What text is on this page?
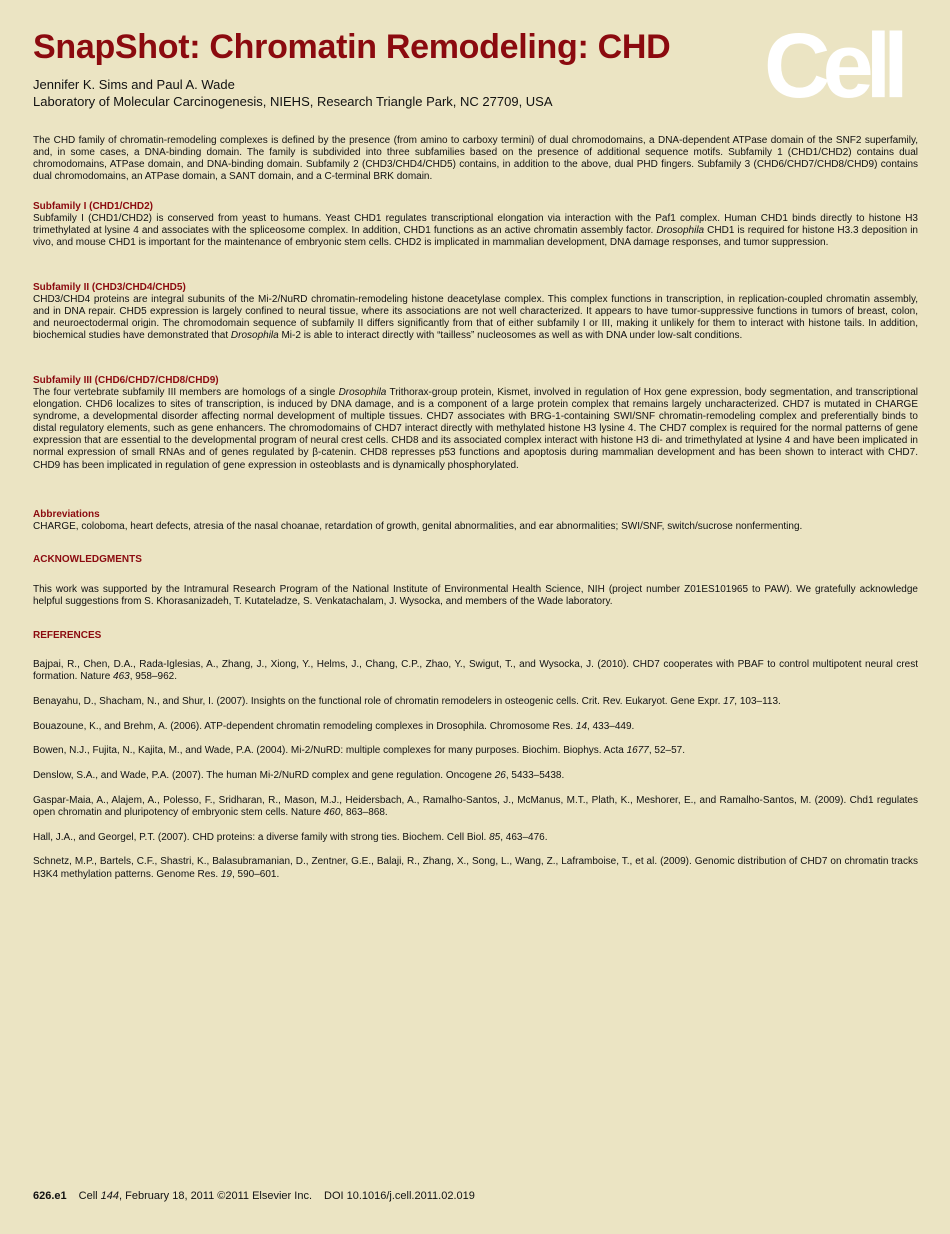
SnapShot: Chromatin Remodeling: CHD Cell
Jennifer K. Sims and Paul A. Wade
Laboratory of Molecular Carcinogenesis, NIEHS, Research Triangle Park, NC 27709, USA

The CHD family of chromatin-remodeling complexes is defined by the presence (from amino to carboxy termini) of dual chromodomains, a DNA-dependent ATPase domain of the SNF2 superfamily, and, in some cases, a DNA-binding domain. The family is subdivided into three subfamilies based on the presence of additional sequence motifs. Subfamily 1 (CHD1/CHD2) contains dual chromodomains, ATPase domain, and DNA-binding domain. Subfamily 2 (CHD3/CHD4/CHD5) contains, in addition to the above, dual PHD fingers. Subfamily 3 (CHD6/CHD7/CHD8/CHD9) contains dual chromodomains, an ATPase domain, a SANT domain, and a C-terminal BRK domain.

Subfamily I (CHD1/CHD2)

Subfamily I (CHD1/CHD2) is conserved from yeast to humans. Yeast CHD1 regulates transcriptional elongation via interaction with the Paf1 complex. Human CHD1 binds directly to histone H3 trimethylated at lysine 4 and associates with the spliceosome complex. In addition, CHD1 functions as an active chromatin assembly factor. Drosophila CHD1 is required for histone H3.3 deposition in vivo, and mouse CHD1 is important for the maintenance of embryonic stem cells. CHD2 is implicated in mammalian development, DNA damage responses, and tumor suppression.

Subfamily II (CHD3/CHD4/CHD5)

CHD3/CHD4 proteins are integral subunits of the Mi-2/NuRD chromatin-remodeling histone deacetylase complex. This complex functions in transcription, in replication-coupled chromatin assembly, and in DNA repair. CHD5 expression is largely confined to neural tissue, where its associations are not well characterized. It appears to have tumor-suppressive functions in tumors of breast, colon, and neuroectodermal origin. The chromodomain sequence of subfamily II differs significantly from that of either subfamily I or III, making it unlikely for them to interact with histone tails. In addition, biochemical studies have demonstrated that Drosophila Mi-2 is able to interact directly with “tailless” nucleosomes as well as with DNA under low-salt conditions.

Subfamily III (CHD6/CHD7/CHD8/CHD9)

The four vertebrate subfamily III members are homologs of a single Drosophila Trithorax-group protein, Kismet, involved in regulation of Hox gene expression, body segmentation, and transcriptional elongation. CHD6 localizes to sites of transcription, is induced by DNA damage, and is a component of a large protein complex that remains largely uncharacterized. CHD7 is mutated in CHARGE syndrome, a developmental disorder affecting normal development of multiple tissues. CHD7 associates with BRG-1-containing SWI/SNF chromatin-remodeling complex and preferentially binds to distal regulatory elements, such as gene enhancers. The chromodomains of CHD7 interact directly with methylated histone H3 lysine 4. The CHD7 complex is required for the normal patterns of gene expression that are essential to the developmental program of neural crest cells. CHD8 and its associated complex interact with histone H3 di- and trimethylated at lysine 4 and have been implicated in normal expression of small RNAs and of genes regulated by β-catenin. CHD8 represses p53 functions and apoptosis during mammalian development and has been shown to interact with CHD7. CHD9 has been implicated in regulation of gene expression in osteoblasts and is dynamically phosphorylated.

Abbreviations

CHARGE, coloboma, heart defects, atresia of the nasal choanae, retardation of growth, genital abnormalities, and ear abnormalities; SWI/SNF, switch/sucrose nonfermenting.

ACKNOWLEDGMENTS

This work was supported by the Intramural Research Program of the National Institute of Environmental Health Science, NIH (project number Z01ES101965 to PAW). We gratefully acknowledge helpful suggestions from S. Khorasanizadeh, T. Kutateladze, S. Venkatachalam, J. Wysocka, and members of the Wade laboratory.

REFERENCES

Bajpai, R., Chen, D.A., Rada-Iglesias, A., Zhang, J., Xiong, Y., Helms, J., Chang, C.P., Zhao, Y., Swigut, T., and Wysocka, J. (2010). CHD7 cooperates with PBAF to control multipotent neural crest formation. Nature 463, 958–962.

Benayahu, D., Shacham, N., and Shur, I. (2007). Insights on the functional role of chromatin remodelers in osteogenic cells. Crit. Rev. Eukaryot. Gene Expr. 17, 103–113.

Bouazoune, K., and Brehm, A. (2006). ATP-dependent chromatin remodeling complexes in Drosophila. Chromosome Res. 14, 433–449.

Bowen, N.J., Fujita, N., Kajita, M., and Wade, P.A. (2004). Mi-2/NuRD: multiple complexes for many purposes. Biochim. Biophys. Acta 1677, 52–57.

Denslow, S.A., and Wade, P.A. (2007). The human Mi-2/NuRD complex and gene regulation. Oncogene 26, 5433–5438.

Gaspar-Maia, A., Alajem, A., Polesso, F., Sridharan, R., Mason, M.J., Heidersbach, A., Ramalho-Santos, J., McManus, M.T., Plath, K., Meshorer, E., and Ramalho-Santos, M. (2009). Chd1 regulates open chromatin and pluripotency of embryonic stem cells. Nature 460, 863–868.

Hall, J.A., and Georgel, P.T. (2007). CHD proteins: a diverse family with strong ties. Biochem. Cell Biol. 85, 463–476.

Schnetz, M.P., Bartels, C.F., Shastri, K., Balasubramanian, D., Zentner, G.E., Balaji, R., Zhang, X., Song, L., Wang, Z., Laframboise, T., et al. (2009). Genomic distribution of CHD7 on chromatin tracks H3K4 methylation patterns. Genome Res. 19, 590–601.

626.e1 Cell 144, February 18, 2011 ©2011 Elsevier Inc. DOI 10.1016/j.cell.2011.02.019
